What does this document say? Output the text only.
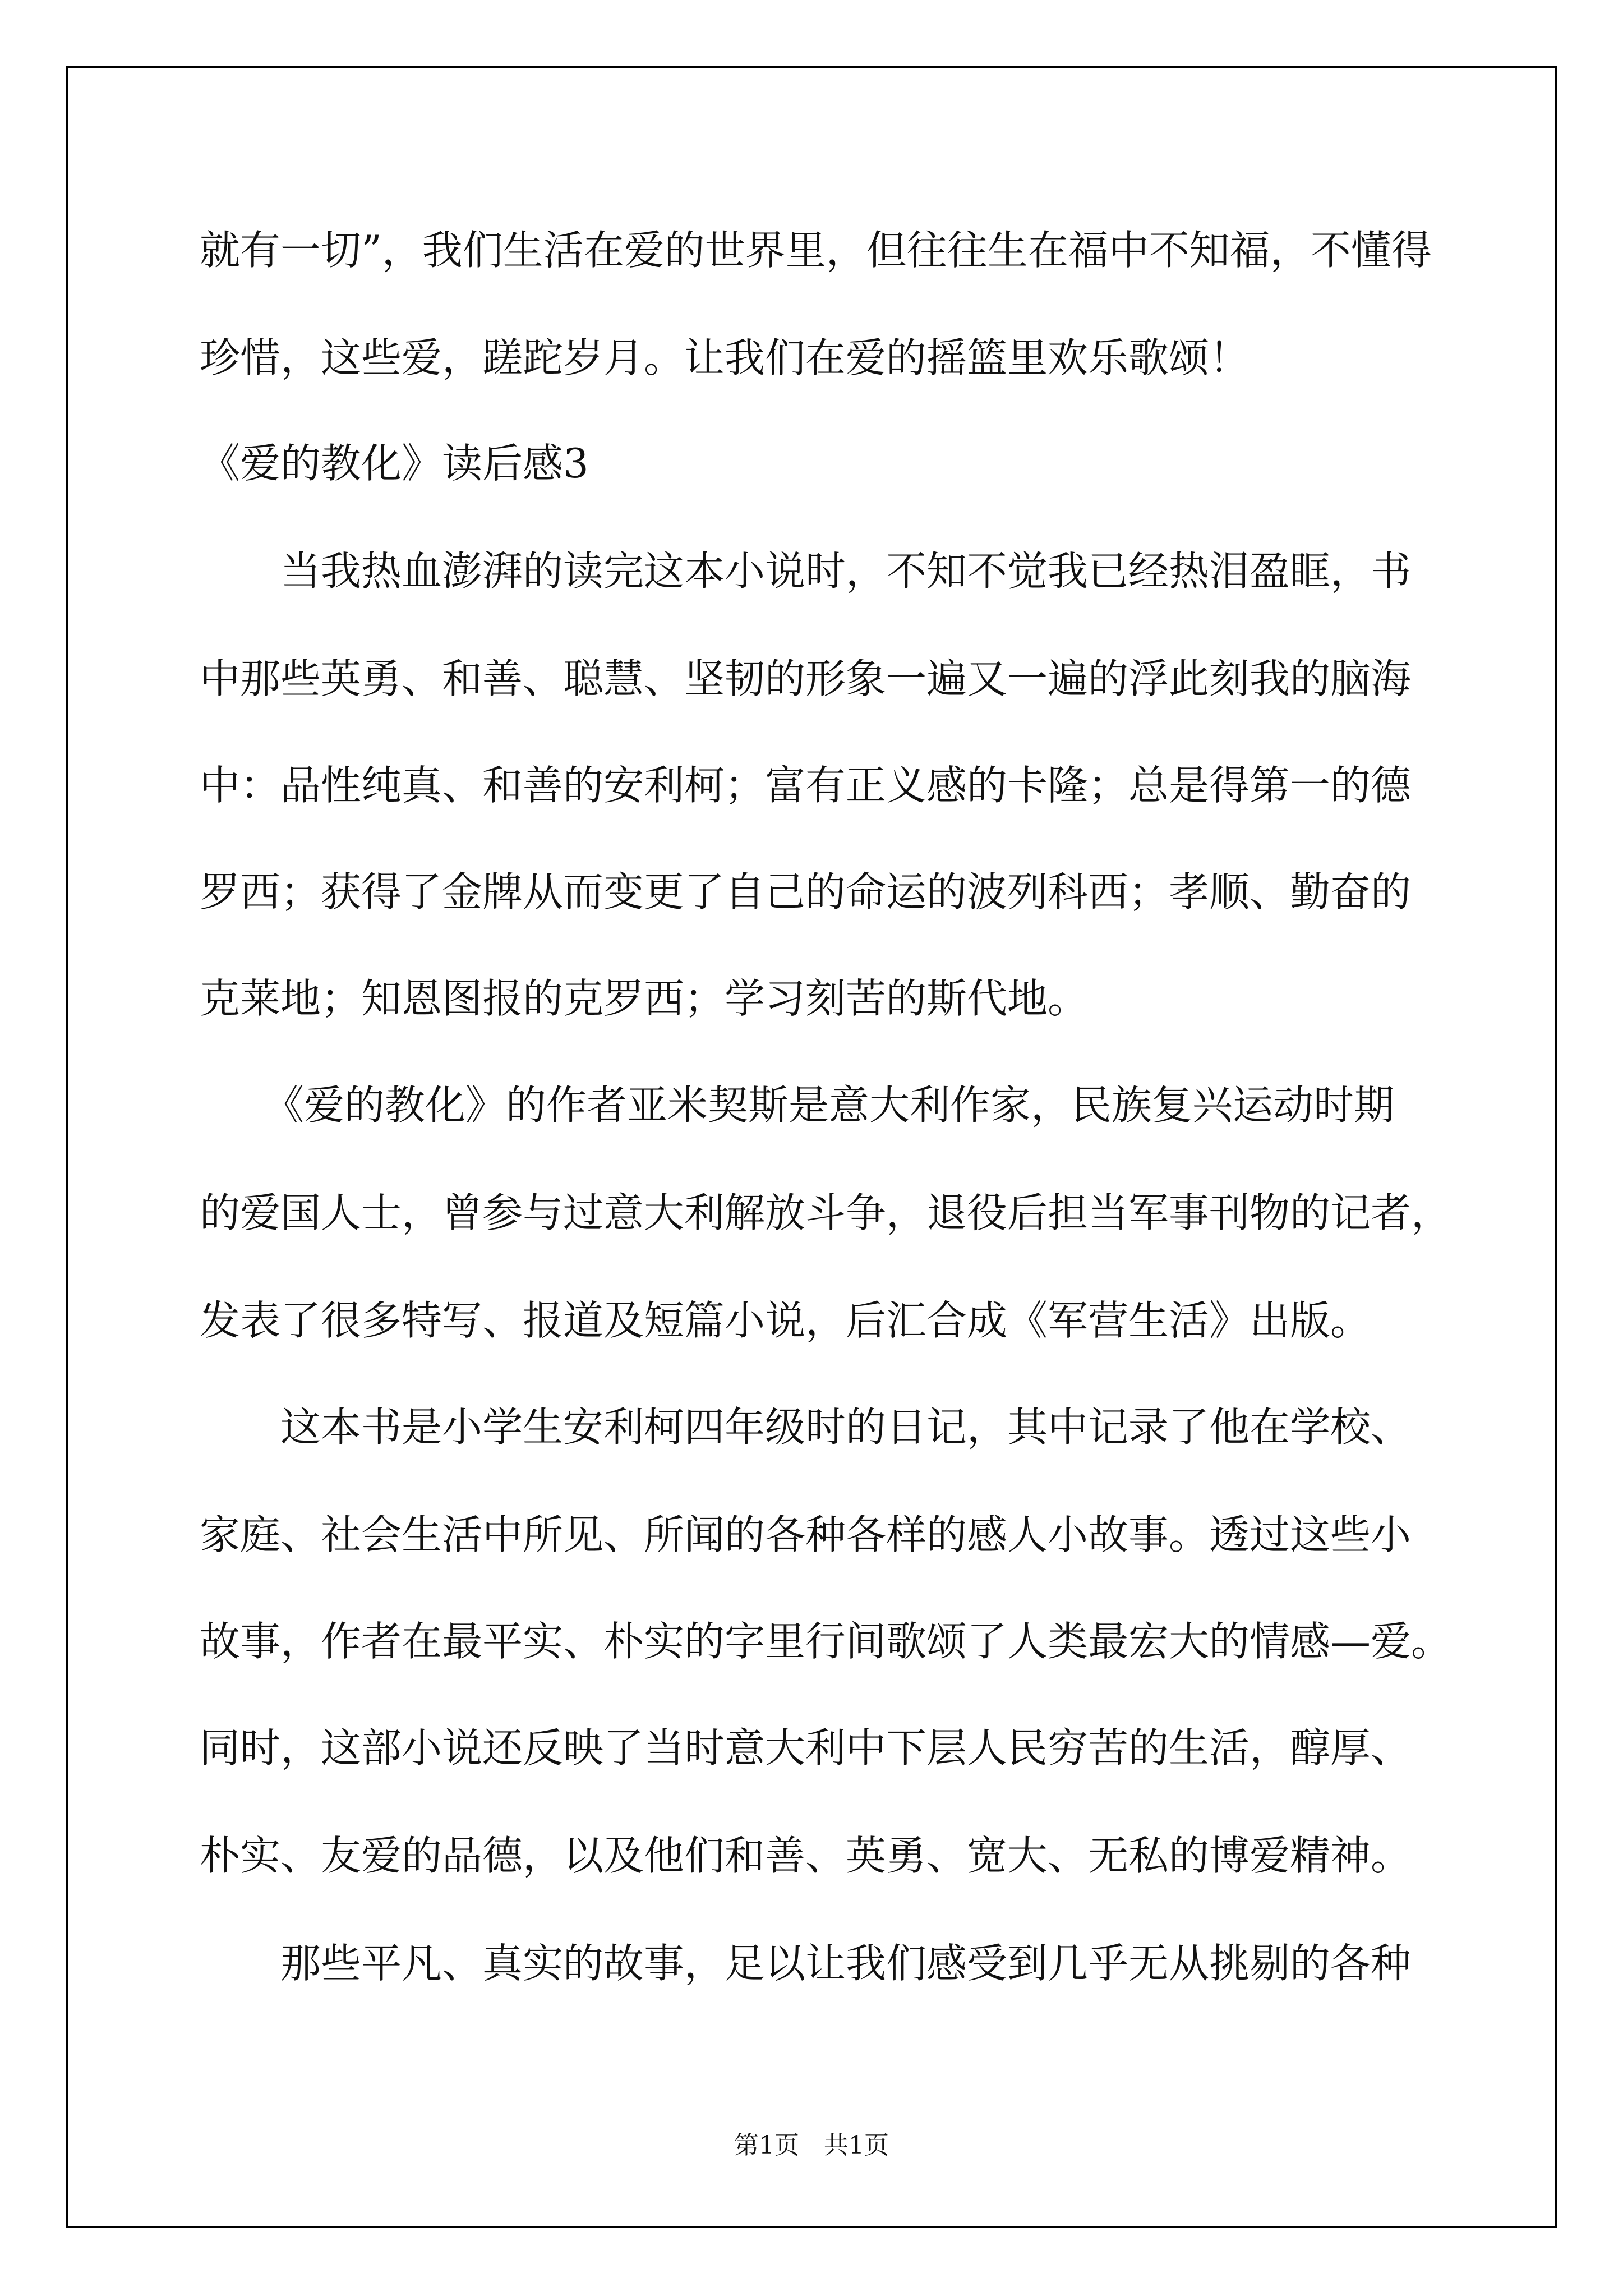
就有一切”，我们生活在爱的世界里，但往往生在福中不知福，不懂得
珍惜，这些爱，蹉跎岁月。让我们在爱的摇篮里欢乐歌颂！
《爱的教化》读后感3
当我热血澎湃的读完这本小说时，不知不觉我已经热泪盈眶，书
中那些英勇、和善、聪慧、坚韧的形象一遍又一遍的浮此刻我的脑海
中：品性纯真、和善的安利柯；富有正义感的卡隆；总是得第一的德
罗西；获得了金牌从而变更了自己的命运的波列科西；孝顺、勤奋的
克莱地；知恩图报的克罗西；学习刻苦的斯代地。
《爱的教化》的作者亚米契斯是意大利作家，民族复兴运动时期
的爱国人士，曾参与过意大利解放斗争，退役后担当军事刊物的记者，
发表了很多特写、报道及短篇小说，后汇合成《军营生活》出版。
这本书是小学生安利柯四年级时的日记，其中记录了他在学校、
家庭、社会生活中所见、所闻的各种各样的感人小故事。透过这些小
故事，作者在最平实、朴实的字里行间歌颂了人类最宏大的情感—爱。
同时，这部小说还反映了当时意大利中下层人民穷苦的生活，醇厚、
朴实、友爱的品德，以及他们和善、英勇、宽大、无私的博爱精神。
那些平凡、真实的故事，足以让我们感受到几乎无从挑剔的各种
第1页　共1页
